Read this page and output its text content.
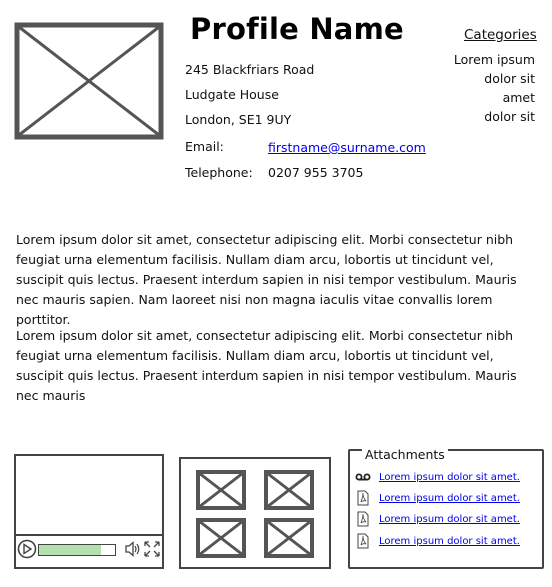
Profile Name
245 Blackfriars Road
Ludgate House
London, SE1 9UY
Email:	firstname@surname.com
Telephone: 0207 955 3705
Categories
Lorem ipsum
dolor sit
amet
dolor sit
Lorem ipsum dolor sit amet, consectetur adipiscing elit. Morbi consectetur nibh feugiat urna elementum facilisis. Nullam diam arcu, lobortis ut tincidunt vel, suscipit quis lectus. Praesent interdum sapien in nisi tempor vestibulum. Mauris nec mauris sapien. Nam laoreet nisi non magna iaculis vitae convallis lorem porttitor.
Lorem ipsum dolor sit amet, consectetur adipiscing elit. Morbi consectetur nibh feugiat urna elementum facilisis. Nullam diam arcu, lobortis ut tincidunt vel, suscipit quis lectus. Praesent interdum sapien in nisi tempor vestibulum. Mauris nec mauris
Attachments
Lorem ipsum dolor sit amet.
Lorem ipsum dolor sit amet.
Lorem ipsum dolor sit amet.
Lorem ipsum dolor sit amet.
